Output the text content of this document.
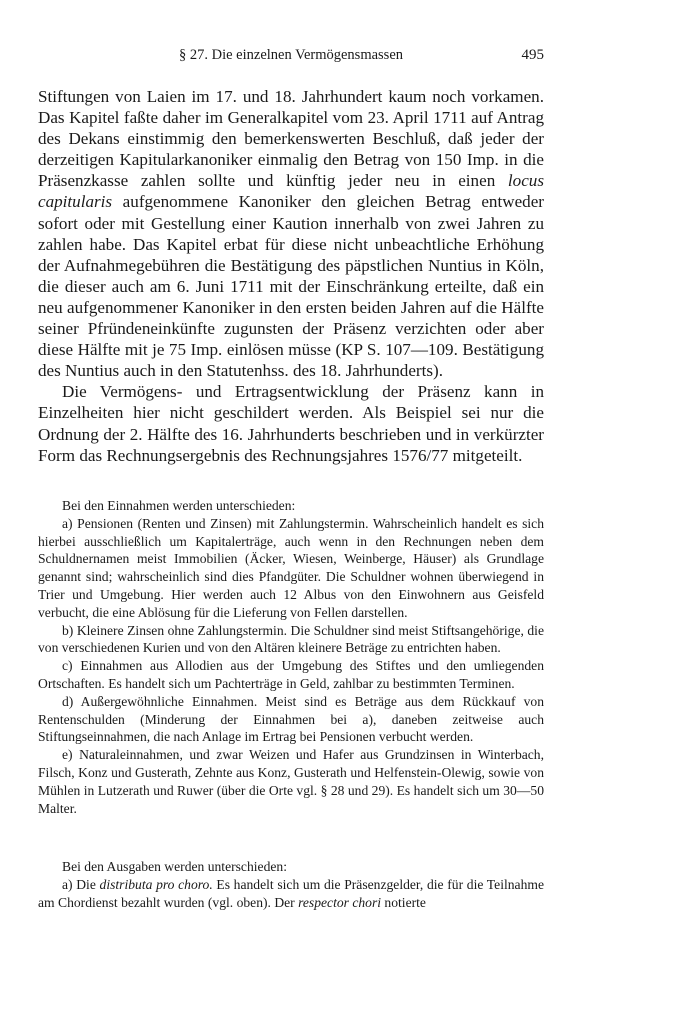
§ 27. Die einzelnen Vermögensmassen	495

Stiftungen von Laien im 17. und 18. Jahrhundert kaum noch vorkamen. Das Kapitel faßte daher im Generalkapitel vom 23. April 1711 auf Antrag des Dekans einstimmig den bemerkenswerten Beschluß, daß jeder der derzeitigen Kapitularkanoniker einmalig den Betrag von 150 Imp. in die Präsenzkasse zahlen sollte und künftig jeder neu in einen locus capitularis aufgenommene Kanoniker den gleichen Betrag entweder sofort oder mit Gestellung einer Kaution innerhalb von zwei Jahren zu zahlen habe. Das Kapitel erbat für diese nicht unbeachtliche Erhöhung der Aufnahmegebühren die Bestätigung des päpstlichen Nuntius in Köln, die dieser auch am 6. Juni 1711 mit der Einschränkung erteilte, daß ein neu aufgenommener Kanoniker in den ersten beiden Jahren auf die Hälfte seiner Pfründeneinkünfte zugunsten der Präsenz verzichten oder aber diese Hälfte mit je 75 Imp. einlösen müsse (KP S. 107—109. Bestätigung des Nuntius auch in den Statutenhss. des 18. Jahrhunderts).

Die Vermögens- und Ertragsentwicklung der Präsenz kann in Einzelheiten hier nicht geschildert werden. Als Beispiel sei nur die Ordnung der 2. Hälfte des 16. Jahrhunderts beschrieben und in verkürzter Form das Rechnungsergebnis des Rechnungsjahres 1576/77 mitgeteilt.

Bei den Einnahmen werden unterschieden:

a) Pensionen (Renten und Zinsen) mit Zahlungstermin. Wahrscheinlich handelt es sich hierbei ausschließlich um Kapitalerträge, auch wenn in den Rechnungen neben dem Schuldnernamen meist Immobilien (Äcker, Wiesen, Weinberge, Häuser) als Grundlage genannt sind; wahrscheinlich sind dies Pfandgüter. Die Schuldner wohnen überwiegend in Trier und Umgebung. Hier werden auch 12 Albus von den Einwohnern aus Geisfeld verbucht, die eine Ablösung für die Lieferung von Fellen darstellen.

b) Kleinere Zinsen ohne Zahlungstermin. Die Schuldner sind meist Stiftsangehörige, die von verschiedenen Kurien und von den Altären kleinere Beträge zu entrichten haben.

c) Einnahmen aus Allodien aus der Umgebung des Stiftes und den umliegenden Ortschaften. Es handelt sich um Pachterträge in Geld, zahlbar zu bestimmten Terminen.

d) Außergewöhnliche Einnahmen. Meist sind es Beträge aus dem Rückkauf von Rentenschulden (Minderung der Einnahmen bei a), daneben zeitweise auch Stiftungseinnahmen, die nach Anlage im Ertrag bei Pensionen verbucht werden.

e) Naturaleinnahmen, und zwar Weizen und Hafer aus Grundzinsen in Winterbach, Filsch, Konz und Gusterath, Zehnte aus Konz, Gusterath und Helfenstein-Olewig, sowie von Mühlen in Lutzerath und Ruwer (über die Orte vgl. § 28 und 29). Es handelt sich um 30—50 Malter.

Bei den Ausgaben werden unterschieden:

a) Die distributa pro choro. Es handelt sich um die Präsenzgelder, die für die Teilnahme am Chordienst bezahlt wurden (vgl. oben). Der respector chori notierte
